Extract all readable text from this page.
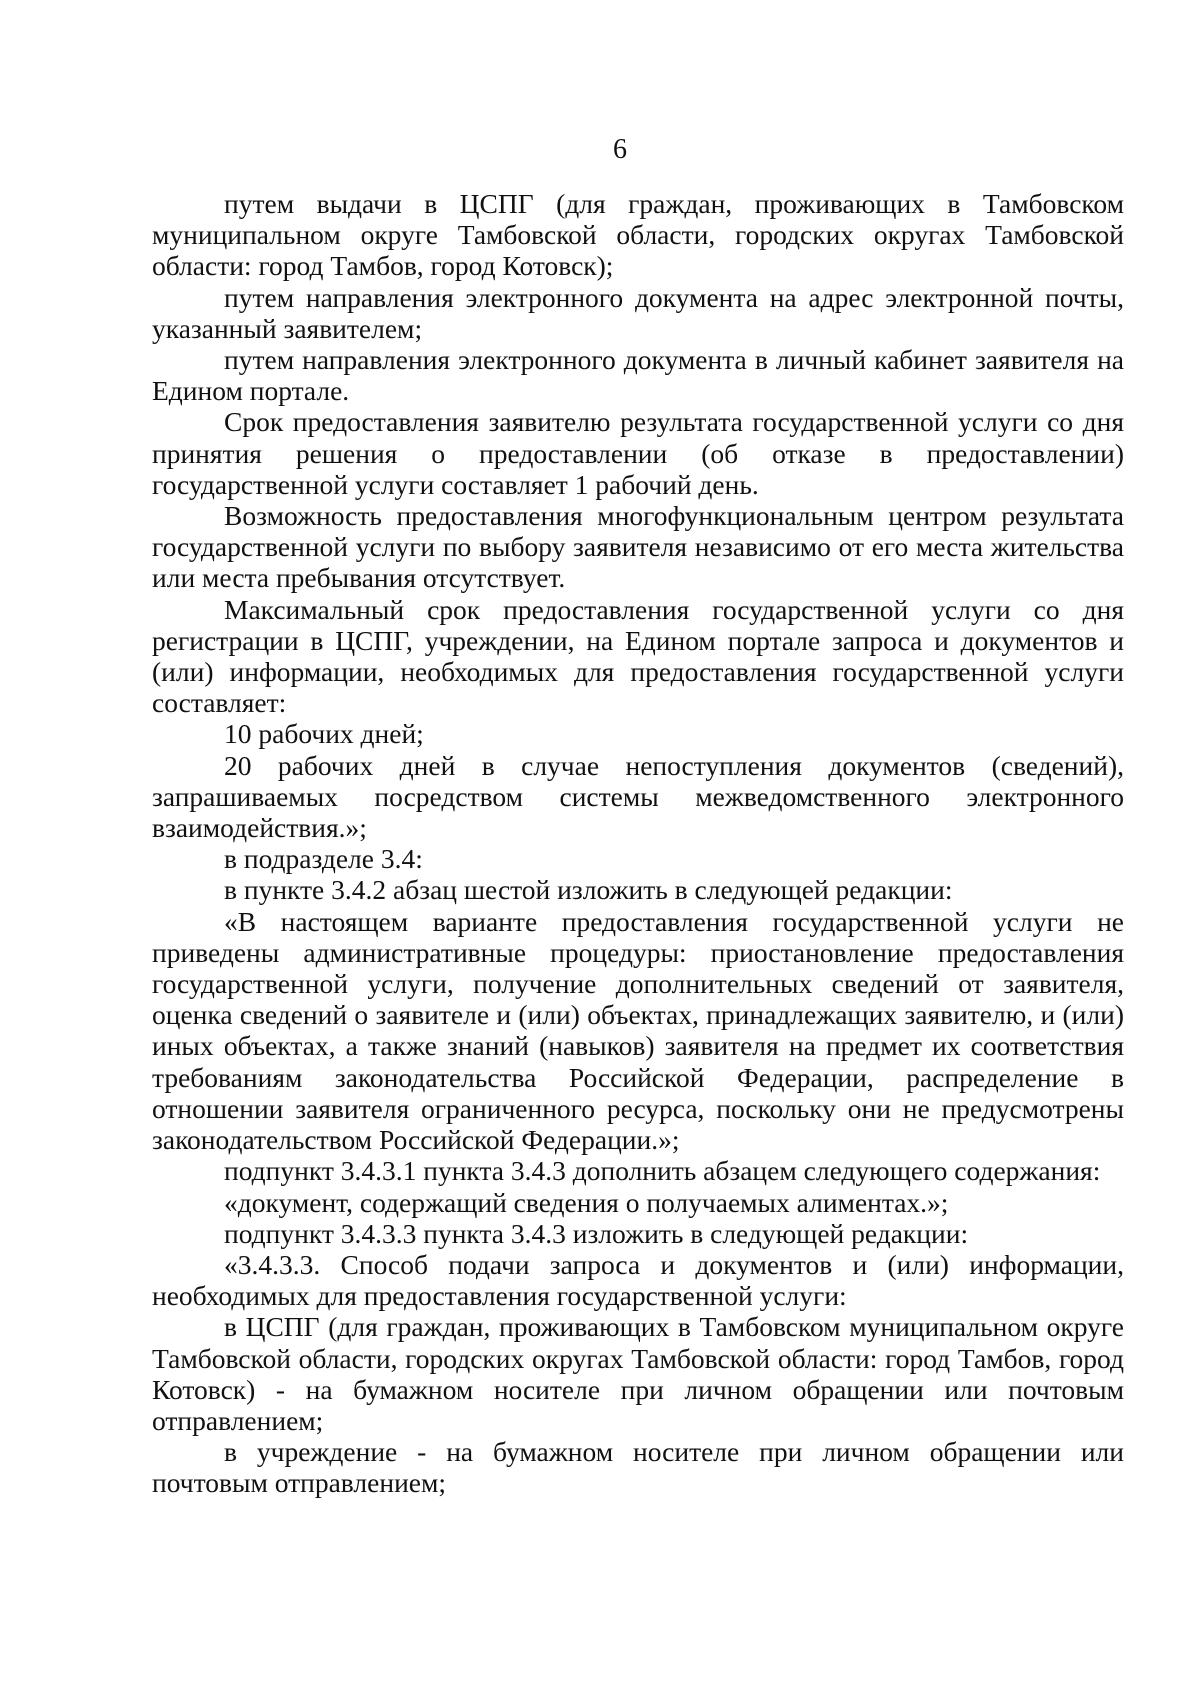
6

путем выдачи в ЦСПГ (для граждан, проживающих в Тамбовском муниципальном округе Тамбовской области, городских округах Тамбовской области: город Тамбов, город Котовск);

путем направления электронного документа на адрес электронной почты, указанный заявителем;

путем направления электронного документа в личный кабинет заявителя на Едином портале.

Срок предоставления заявителю результата государственной услуги со дня принятия решения о предоставлении (об отказе в предоставлении) государственной услуги составляет 1 рабочий день.

Возможность предоставления многофункциональным центром результата государственной услуги по выбору заявителя независимо от его места жительства или места пребывания отсутствует.

Максимальный срок предоставления государственной услуги со дня регистрации в ЦСПГ, учреждении, на Едином портале запроса и документов и (или) информации, необходимых для предоставления государственной услуги составляет:

10 рабочих дней;

20 рабочих дней в случае непоступления документов (сведений), запрашиваемых посредством системы межведомственного электронного взаимодействия.»;

в подразделе 3.4:

в пункте 3.4.2 абзац шестой изложить в следующей редакции:

«В настоящем варианте предоставления государственной услуги не приведены административные процедуры: приостановление предоставления государственной услуги, получение дополнительных сведений от заявителя, оценка сведений о заявителе и (или) объектах, принадлежащих заявителю, и (или) иных объектах, а также знаний (навыков) заявителя на предмет их соответствия требованиям законодательства Российской Федерации, распределение в отношении заявителя ограниченного ресурса, поскольку они не предусмотрены законодательством Российской Федерации.»;

подпункт 3.4.3.1 пункта 3.4.3 дополнить абзацем следующего содержания:

«документ, содержащий сведения о получаемых алиментах.»;

подпункт 3.4.3.3 пункта 3.4.3 изложить в следующей редакции:

«3.4.3.3. Способ подачи запроса и документов и (или) информации, необходимых для предоставления государственной услуги:

в ЦСПГ (для граждан, проживающих в Тамбовском муниципальном округе Тамбовской области, городских округах Тамбовской области: город Тамбов, город Котовск) - на бумажном носителе при личном обращении или почтовым отправлением;

в учреждение - на бумажном носителе при личном обращении или почтовым отправлением;
